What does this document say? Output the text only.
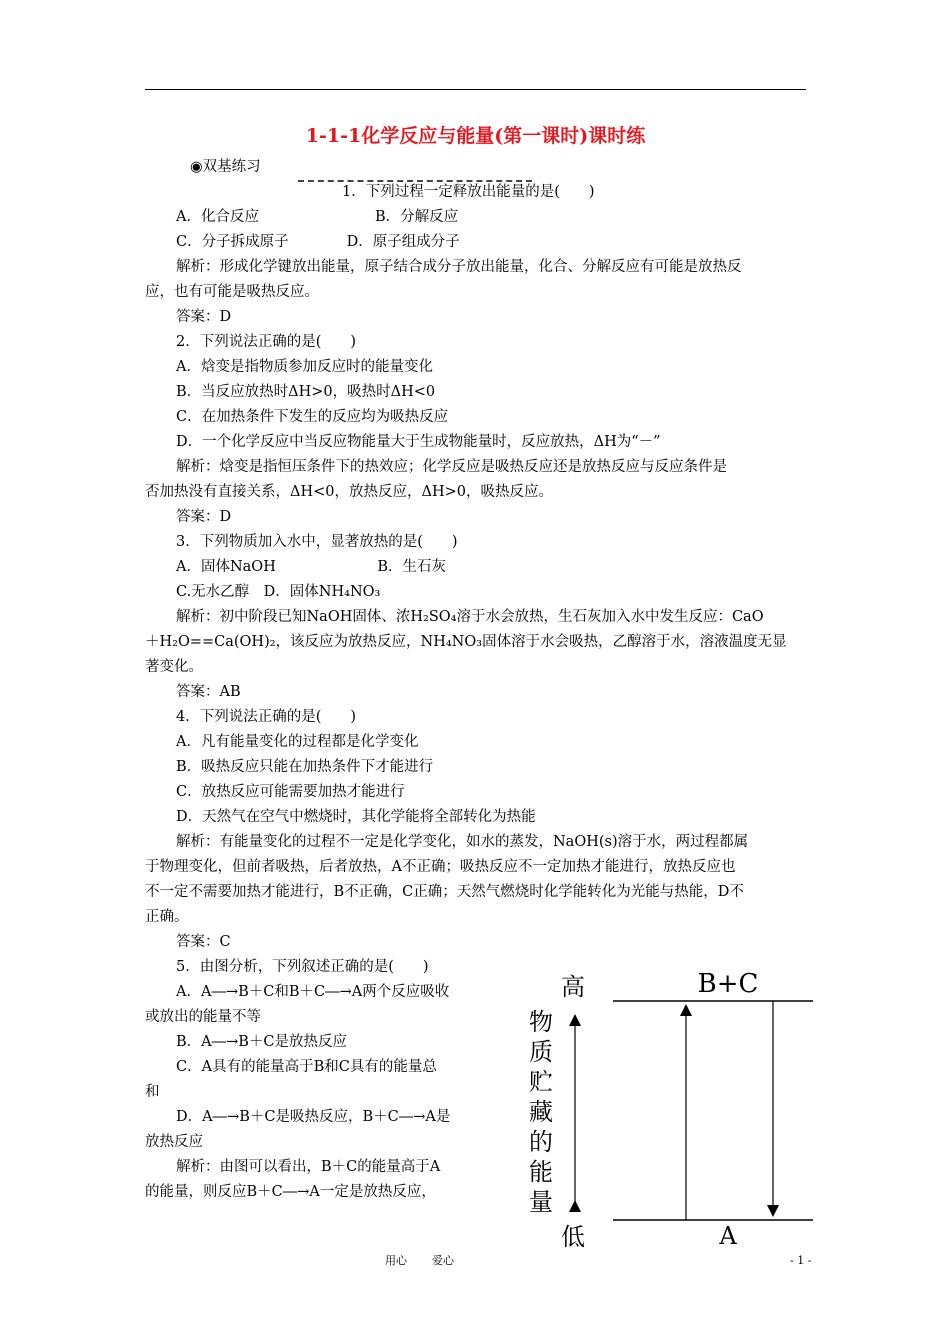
1-1-1化学反应与能量(第一课时)课时练
◉双基练习
1．下列过程一定释放出能量的是(　　)
A．化合反应　　　　　　　　B．分解反应
C．分子拆成原子　　　　D．原子组成分子
解析：形成化学键放出能量，原子结合成分子放出能量，化合、分解反应有可能是放热反
应，也有可能是吸热反应。
答案：D
2．下列说法正确的是(　　)
A．焓变是指物质参加反应时的能量变化
B．当反应放热时ΔH>0，吸热时ΔH<0
C．在加热条件下发生的反应均为吸热反应
D．一个化学反应中当反应物能量大于生成物能量时，反应放热，ΔH为“－”
解析：焓变是指恒压条件下的热效应；化学反应是吸热反应还是放热反应与反应条件是
否加热没有直接关系，ΔH<0，放热反应，ΔH>0，吸热反应。
答案：D
3．下列物质加入水中，显著放热的是(　　)
A．固体NaOH　　　　　　　B．生石灰
C.无水乙醇　D．固体NH₄NO₃
解析：初中阶段已知NaOH固体、浓H₂SO₄溶于水会放热，生石灰加入水中发生反应：CaO
＋H₂O==Ca(OH)₂，该反应为放热反应，NH₄NO₃固体溶于水会吸热，乙醇溶于水，溶液温度无显
著变化。
答案：AB
4．下列说法正确的是(　　)
A．凡有能量变化的过程都是化学变化
B．吸热反应只能在加热条件下才能进行
C．放热反应可能需要加热才能进行
D．天然气在空气中燃烧时，其化学能将全部转化为热能
解析：有能量变化的过程不一定是化学变化，如水的蒸发，NaOH(s)溶于水，两过程都属
于物理变化，但前者吸热，后者放热，A不正确；吸热反应不一定加热才能进行，放热反应也
不一定不需要加热才能进行，B不正确，C正确；天然气燃烧时化学能转化为光能与热能，D不
正确。
答案：C
5．由图分析，下列叙述正确的是(　　)
A．A―→B＋C和B＋C―→A两个反应吸收
或放出的能量不等
B．A―→B＋C是放热反应
C．A具有的能量高于B和C具有的能量总
和
D．A―→B＋C是吸热反应，B＋C―→A是
放热反应
解析：由图可以看出，B＋C的能量高于A
的能量，则反应B＋C―→A一定是放热反应，
高
低
物
质
贮
藏
的
能
量
B+C
A
用心 爱心	- 1 -
